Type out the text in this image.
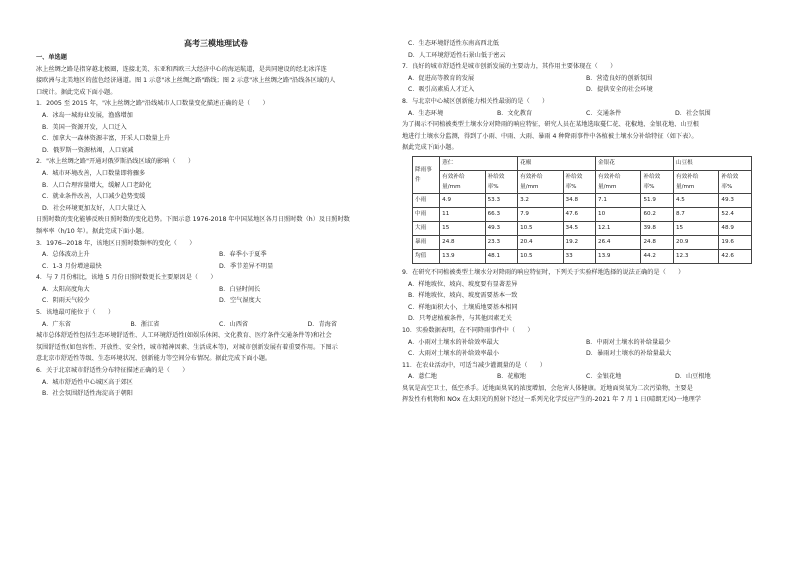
高考三模地理试卷
一、单选题
冰上丝绸之路是指穿越北极圈，连接北美、东亚和西欧三大经济中心的海运航道，是共同建设的经北冰洋连
接欧洲与北美地区的蓝色经济通道。图 1 示意"冰上丝绸之路"路线；图 2 示意"冰上丝绸之路"沿线各区域的人
口统计。据此完成下面小题。
1．2005 至 2015 年，"冰上丝绸之路"沿线城市人口数量变化描述正确的是（　　）
A．冰岛一城海业发展，渔盛增加
B．美国一资源开发，人口迁入
C．加拿大一森林资源丰富，开采人口数量上升
D．俄罗斯一资源枯竭，人口衰减
2．"冰上丝绸之路"开通对俄罗斯沿线区域的影响（　　）
A．城市环境改善，人口数量即将骤多
B．人口合理容量增大，缓解人口老龄化
C．就业条件改善，人口减少趋势变缓
D．社会环境更加友好，人口大量迁入
日照时数的变化能够反映日照时数的变化趋势。下图示意 1976-2018 年中国某地区各月日照时数（h）及日照时数
频率率（h/10 年）。据此完成下面小题。
3．1976--2018 年，该地区日照时数频率的变化（　　）
A．总体波动上升	B．春季小于夏季
C．1-3 月份增速最快	D．季节差异不明显
4．与 7 月份相比，该地 5 月份日照时数更长主要原因是（　　）
A．太阳高度角大	B．白昼时间长
C．阴雨天气较少	D．空气湿度大
5．该地最可能位于（　　）
A．广东省	B．浙江省	C．山西省	D．青海省
城市总体舒适性包括生态环境舒适性、人工环境舒适性(如娱乐休闲、文化教育、医疗条件交通条件等)和社会
氛围舒适性(如包容性、开放性、安全性，城市精神因素、生活成本等)，对城市创新发展有着重要作用。下图示
意北京市舒适性等级、生态环境状况、创新能力等空间分布情况。据此完成下面小题。
6．关于北京城市舒适性分布特征描述正确的是（　　）
A．城市舒适性中心城区高于郊区
B．社会氛围舒适性海淀高于朝阳
C．生态环境舒适性东南高西北低
D．人工环境舒适性石景山低于密云
7．良好的城市舒适性是城市创新发展的主要动力，其作用主要体现在（　　）
A．促进高等教育的发展	B．营造良好的创新氛围
C．吸引高素质人才迁入	D．提供安全的社会环境
8．与北京中心城区创新能力相关性最弱的是（　　）
A．生态环境	B．文化教育	C．交通条件	D．社会氛围
为了揭示不同植被类型土壤水分对降雨的响应特征，研究人员在某地选取蔓仁花、花椒地、金银花地、山豆根
地进行土壤水分监测，得到了小雨、中雨、大雨、暴雨 4 种降雨事件中各植被土壤水分补给特征（如下表）。
据此完成下面小题。
降雨事件	薏仁		花椒		金银花		山豆根	
	有效补给量/mm	补给效率%	有效补给量/mm	补给效率%	有效补给量/mm	补给效率%	有效补给量/mm	补给效率%
小雨	4.9	53.3	3.2	34.8	7.1	51.9	4.5	49.3
中雨	11	66.3	7.9	47.6	10	60.2	8.7	52.4
大雨	15	49.3	10.5	34.5	12.1	39.8	15	48.9
暴雨	24.8	23.3	20.4	19.2	26.4	24.8	20.9	19.6
均值	13.9	48.1	10.5	33	13.9	44.2	12.3	42.6
9．在研究不同植被类型土壤水分对降雨的响应特征时，下列关于实验样地选择的说法正确的是（　　）
A．样地坡位、坡向、坡度要有显著差异
B．样地坡位、坡向、坡度需要基本一致
C．样地面积大小，土壤质地要基本相同
D．只考虑植被条件，与其他因素无关
10．实验数据表明，在不同降雨事件中（　　）
A．小雨对土壤水的补给效率最大	B．中雨对土壤水的补给量最少
C．大雨对土壤水的补给效率最小	D．暴雨对土壤水的补给量最大
11．在农业活动中，可适当减少灌溉量的是（　　）
A．薏仁地	B．花椒地	C．金银花地	D．山豆根地
臭氧是高空卫士，低空杀手。近地面臭氧的浓度增加，会危害人体健康。近地面臭氧为二次污染物，主要是
挥发性有机物和 NOx 在太阳光的照射下经过一系列光化学反应产生的-2021 年 7 月 1 日(晴朗无风)一地理学
